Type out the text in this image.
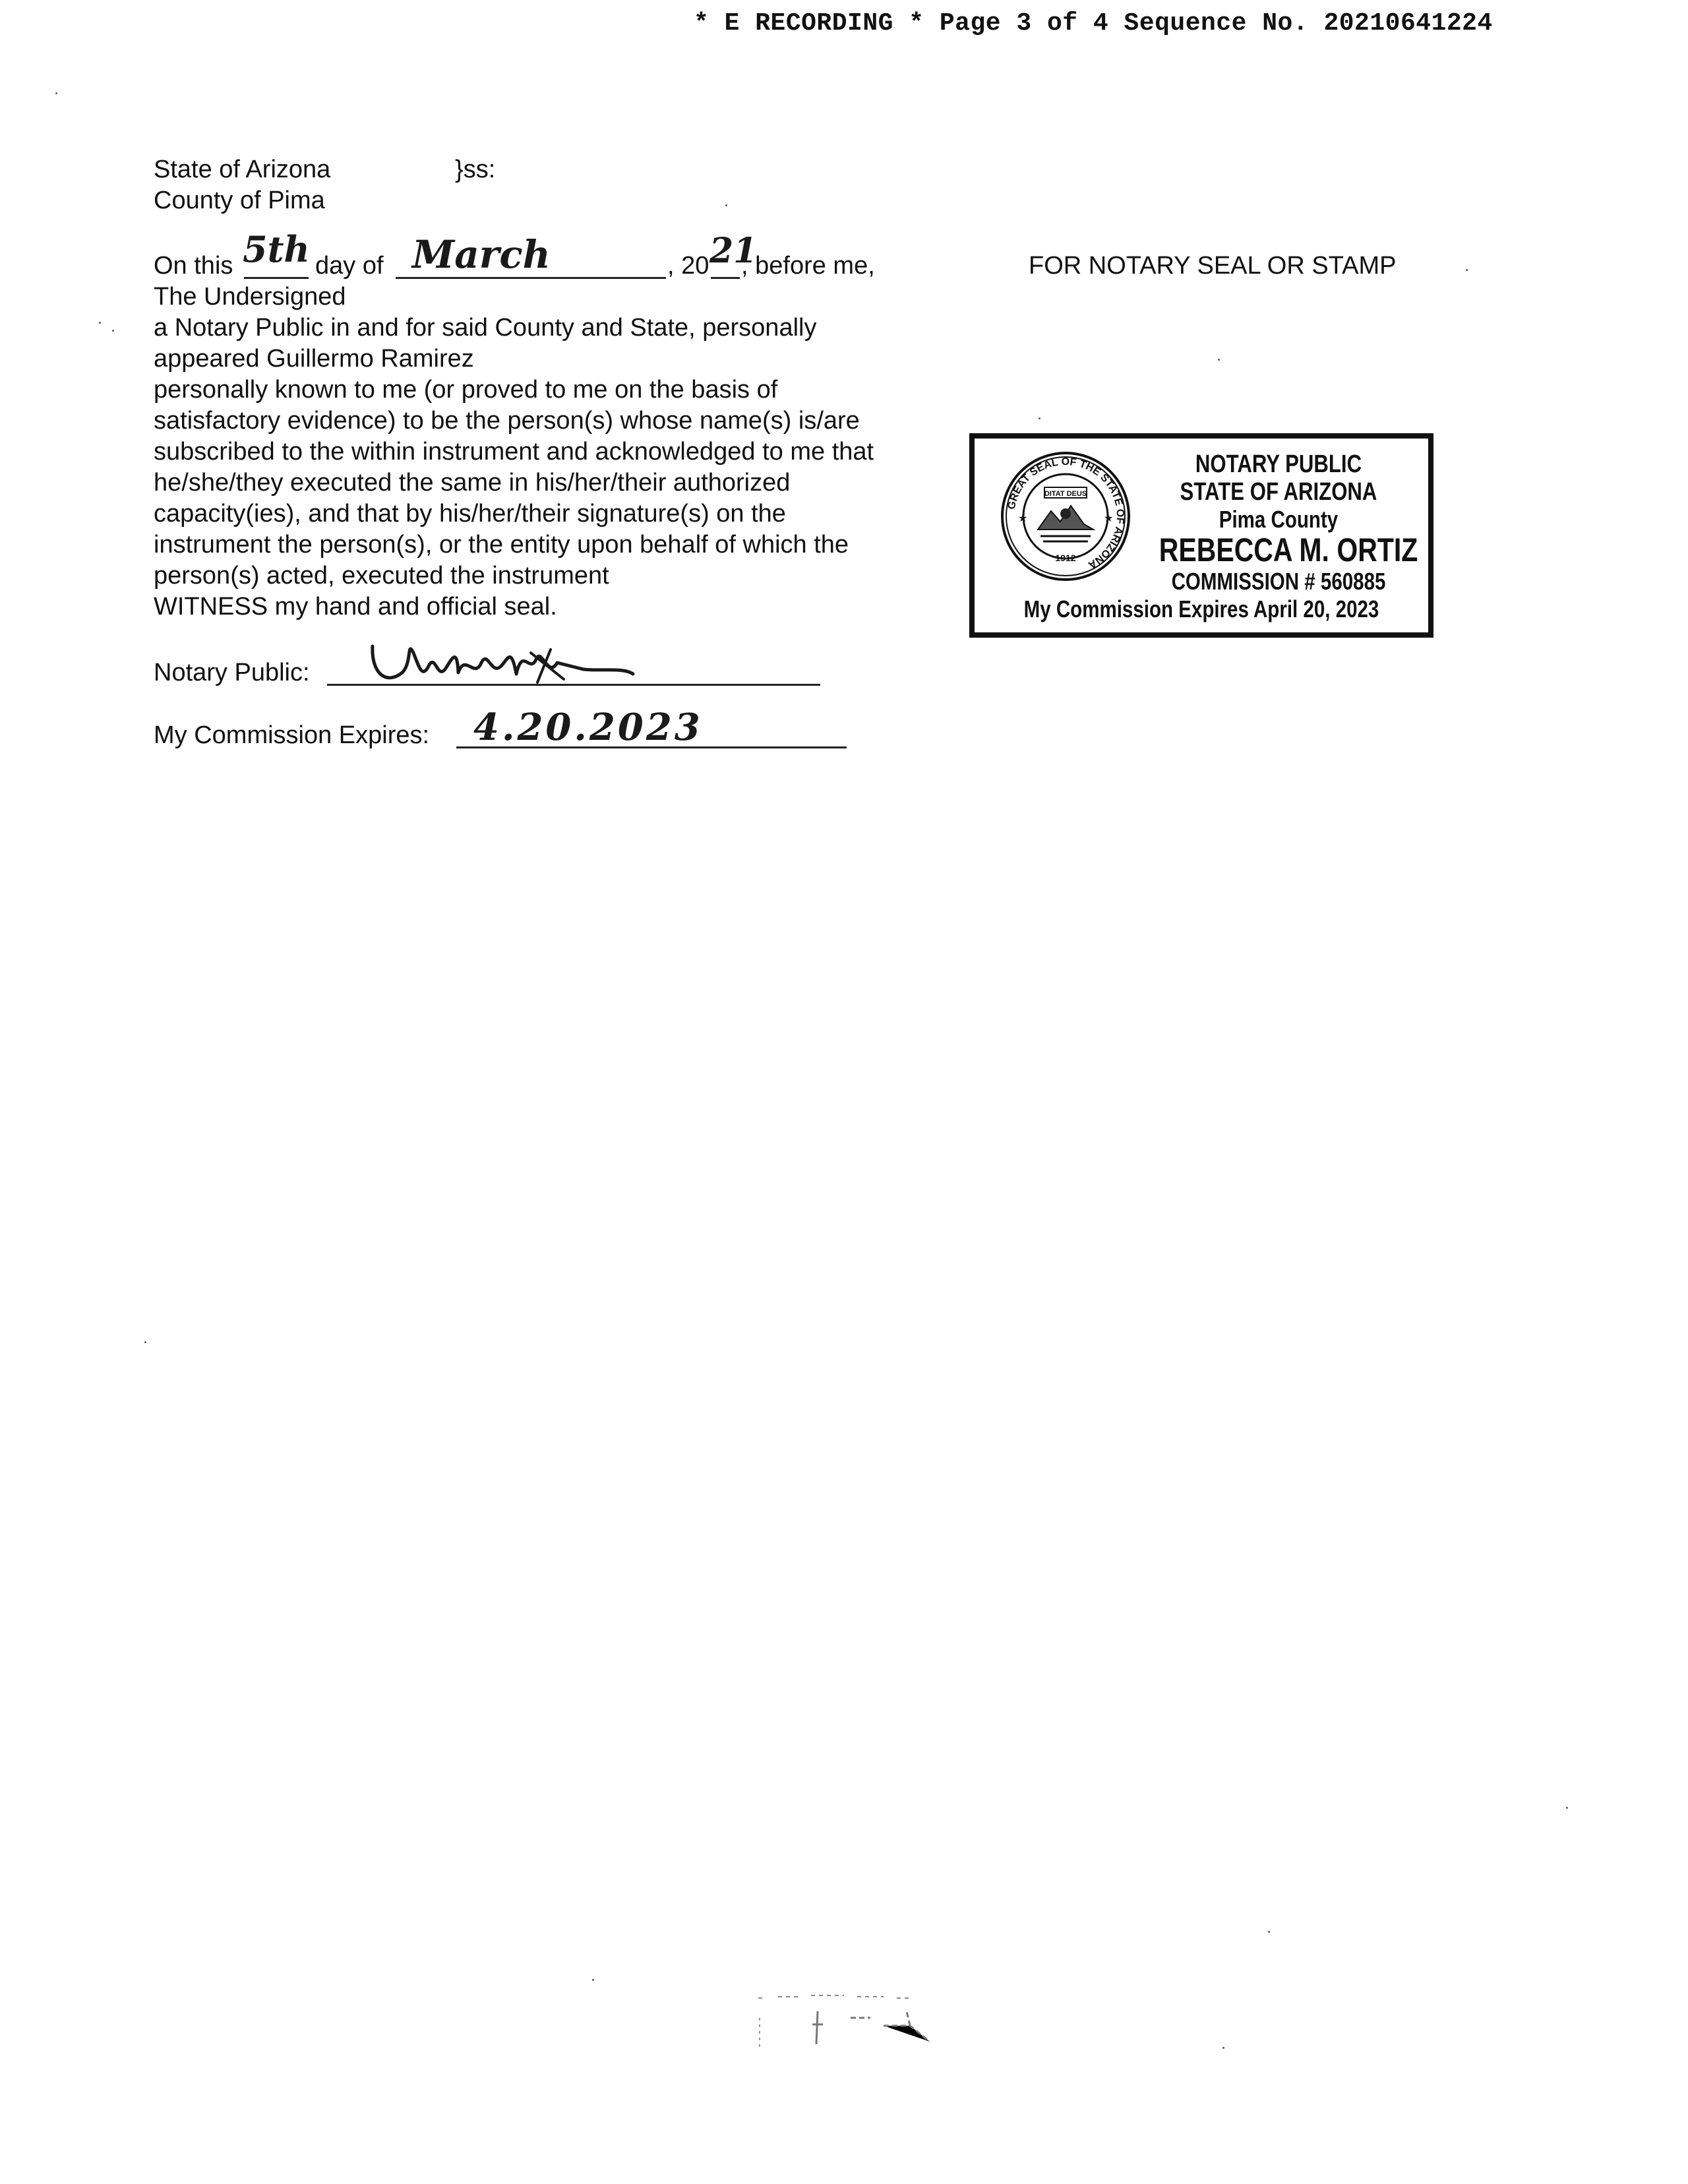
* E RECORDING * Page 3 of 4 Sequence No. 20210641224
State of Arizona	}ss:
County of Pima
On this 5th day of March	, 20 21
, before me,
The Undersigned
a Notary Public in and for said County and State, personally
appeared Guillermo Ramirez
personally known to me (or proved to me on the basis of
satisfactory evidence) to be the person(s) whose name(s) is/are
subscribed to the within instrument and acknowledged to me that
he/she/they executed the same in his/her/their authorized
capacity(ies), and that by his/her/their signature(s) on the
instrument the person(s), or the entity upon behalf of which the
person(s) acted, executed the instrument
WITNESS my hand and official seal.
Notary Public:
My Commission Expires: 4.20.2023
FOR NOTARY SEAL OR STAMP
GREAT SEAL OF THE STATE OF ARIZONA
DITAT DEUS
1912
★	★
NOTARY PUBLIC
STATE OF ARIZONA
Pima County
REBECCA M. ORTIZ
COMMISSION # 560885
My Commission Expires April 20, 2023
